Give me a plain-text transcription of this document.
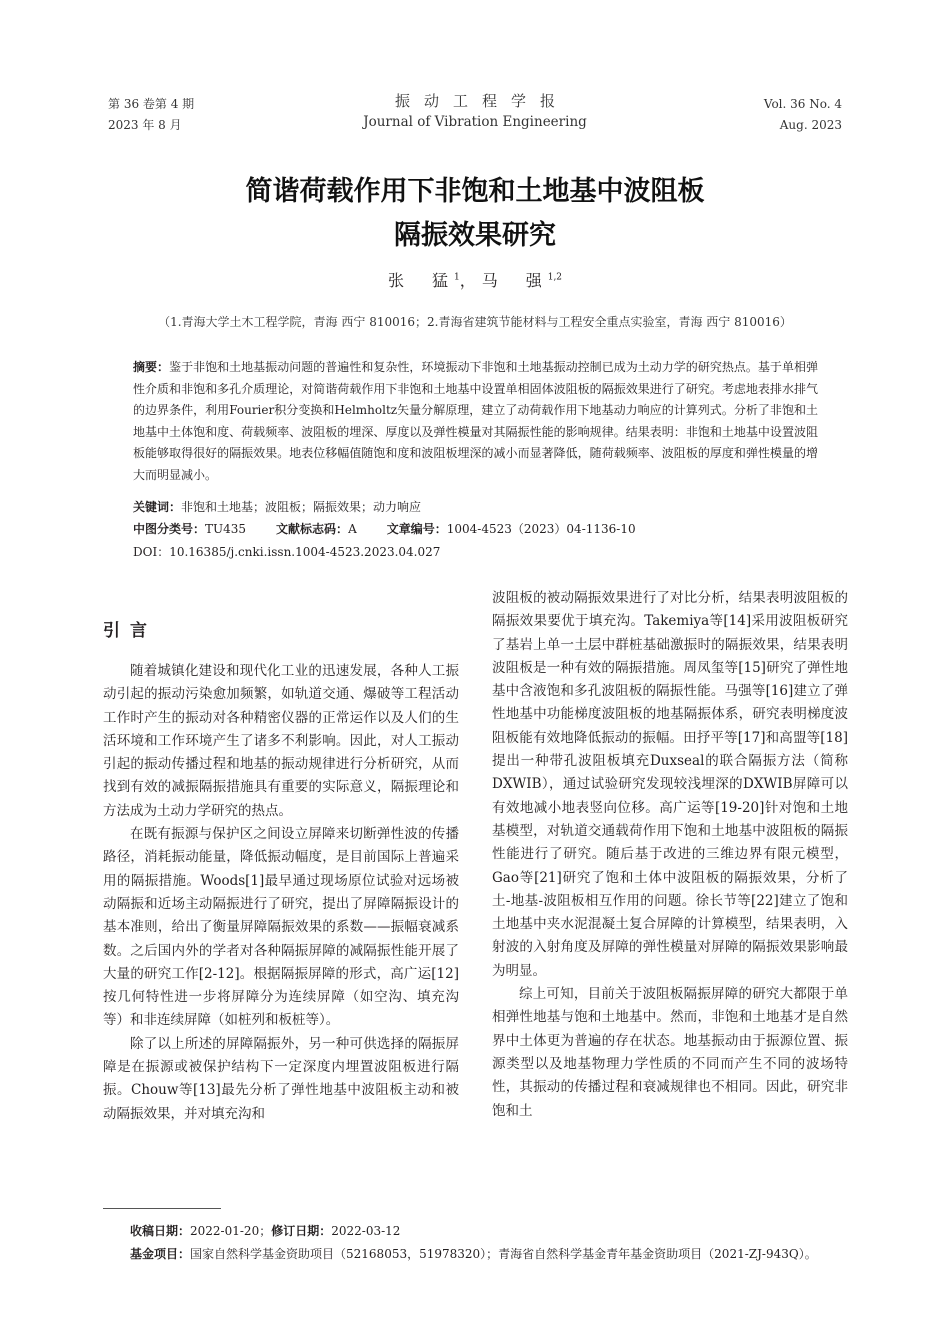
第 36 卷第 4 期
2023 年 8 月
振动工程学报
Journal of Vibration Engineering
Vol. 36 No. 4
Aug. 2023
简谐荷载作用下非饱和土地基中波阻板
隔振效果研究
张　猛$^1$，马　强$^{1,2}$
（1.青海大学土木工程学院，青海 西宁 810016；2.青海省建筑节能材料与工程安全重点实验室，青海 西宁 810016）
摘要：鉴于非饱和土地基振动问题的普遍性和复杂性，环境振动下非饱和土地基振动控制已成为土动力学的研究热点。基于单相弹性介质和非饱和多孔介质理论，对简谐荷载作用下非饱和土地基中设置单相固体波阻板的隔振效果进行了研究。考虑地表排水排气的边界条件，利用Fourier积分变换和Helmholtz矢量分解原理，建立了动荷载作用下地基动力响应的计算列式。分析了非饱和土地基中土体饱和度、荷载频率、波阻板的埋深、厚度以及弹性模量对其隔振性能的影响规律。结果表明：非饱和土地基中设置波阻板能够取得很好的隔振效果。地表位移幅值随饱和度和波阻板埋深的减小而显著降低，随荷载频率、波阻板的厚度和弹性模量的增大而明显减小。
关键词：非饱和土地基；波阻板；隔振效果；动力响应
中图分类号：TU435	文献标志码：A	文章编号：1004-4523（2023）04-1136-10
DOI：10.16385/j.cnki.issn.1004-4523.2023.04.027
引言

随着城镇化建设和现代化工业的迅速发展，各种人工振动引起的振动污染愈加频繁，如轨道交通、爆破等工程活动工作时产生的振动对各种精密仪器的正常运作以及人们的生活环境和工作环境产生了诸多不利影响。因此，对人工振动引起的振动传播过程和地基的振动规律进行分析研究，从而找到有效的减振隔振措施具有重要的实际意义，隔振理论和方法成为土动力学研究的热点。

在既有振源与保护区之间设立屏障来切断弹性波的传播路径，消耗振动能量，降低振动幅度，是目前国际上普遍采用的隔振措施。Woods[1]最早通过现场原位试验对远场被动隔振和近场主动隔振进行了研究，提出了屏障隔振设计的基本准则，给出了衡量屏障隔振效果的系数——振幅衰减系数。之后国内外的学者对各种隔振屏障的减隔振性能开展了大量的研究工作[2-12]。根据隔振屏障的形式，高广运[12]按几何特性进一步将屏障分为连续屏障（如空沟、填充沟等）和非连续屏障（如桩列和板桩等）。

除了以上所述的屏障隔振外，另一种可供选择的隔振屏障是在振源或被保护结构下一定深度内埋置波阻板进行隔振。Chouw等[13]最先分析了弹性地基中波阻板主动和被动隔振效果，并对填充沟和

波阻板的被动隔振效果进行了对比分析，结果表明波阻板的隔振效果要优于填充沟。Takemiya等[14]采用波阻板研究了基岩上单一土层中群桩基础激振时的隔振效果，结果表明波阻板是一种有效的隔振措施。周凤玺等[15]研究了弹性地基中含液饱和多孔波阻板的隔振性能。马强等[16]建立了弹性地基中功能梯度波阻板的地基隔振体系，研究表明梯度波阻板能有效地降低振动的振幅。田抒平等[17]和高盟等[18]提出一种带孔波阻板填充Duxseal的联合隔振方法（简称DXWIB），通过试验研究发现较浅埋深的DXWIB屏障可以有效地减小地表竖向位移。高广运等[19-20]针对饱和土地基模型，对轨道交通载荷作用下饱和土地基中波阻板的隔振性能进行了研究。随后基于改进的三维边界有限元模型，Gao等[21]研究了饱和土体中波阻板的隔振效果，分析了土-地基-波阻板相互作用的问题。徐长节等[22]建立了饱和土地基中夹水泥混凝土复合屏障的计算模型，结果表明，入射波的入射角度及屏障的弹性模量对屏障的隔振效果影响最为明显。

综上可知，目前关于波阻板隔振屏障的研究大都限于单相弹性地基与饱和土地基中。然而，非饱和土地基才是自然界中土体更为普遍的存在状态。地基振动由于振源位置、振源类型以及地基物理力学性质的不同而产生不同的波场特性，其振动的传播过程和衰减规律也不相同。因此，研究非饱和土

收稿日期：2022-01-20；修订日期：2022-03-12
基金项目：国家自然科学基金资助项目（52168053，51978320）；青海省自然科学基金青年基金资助项目（2021-ZJ-943Q）。
